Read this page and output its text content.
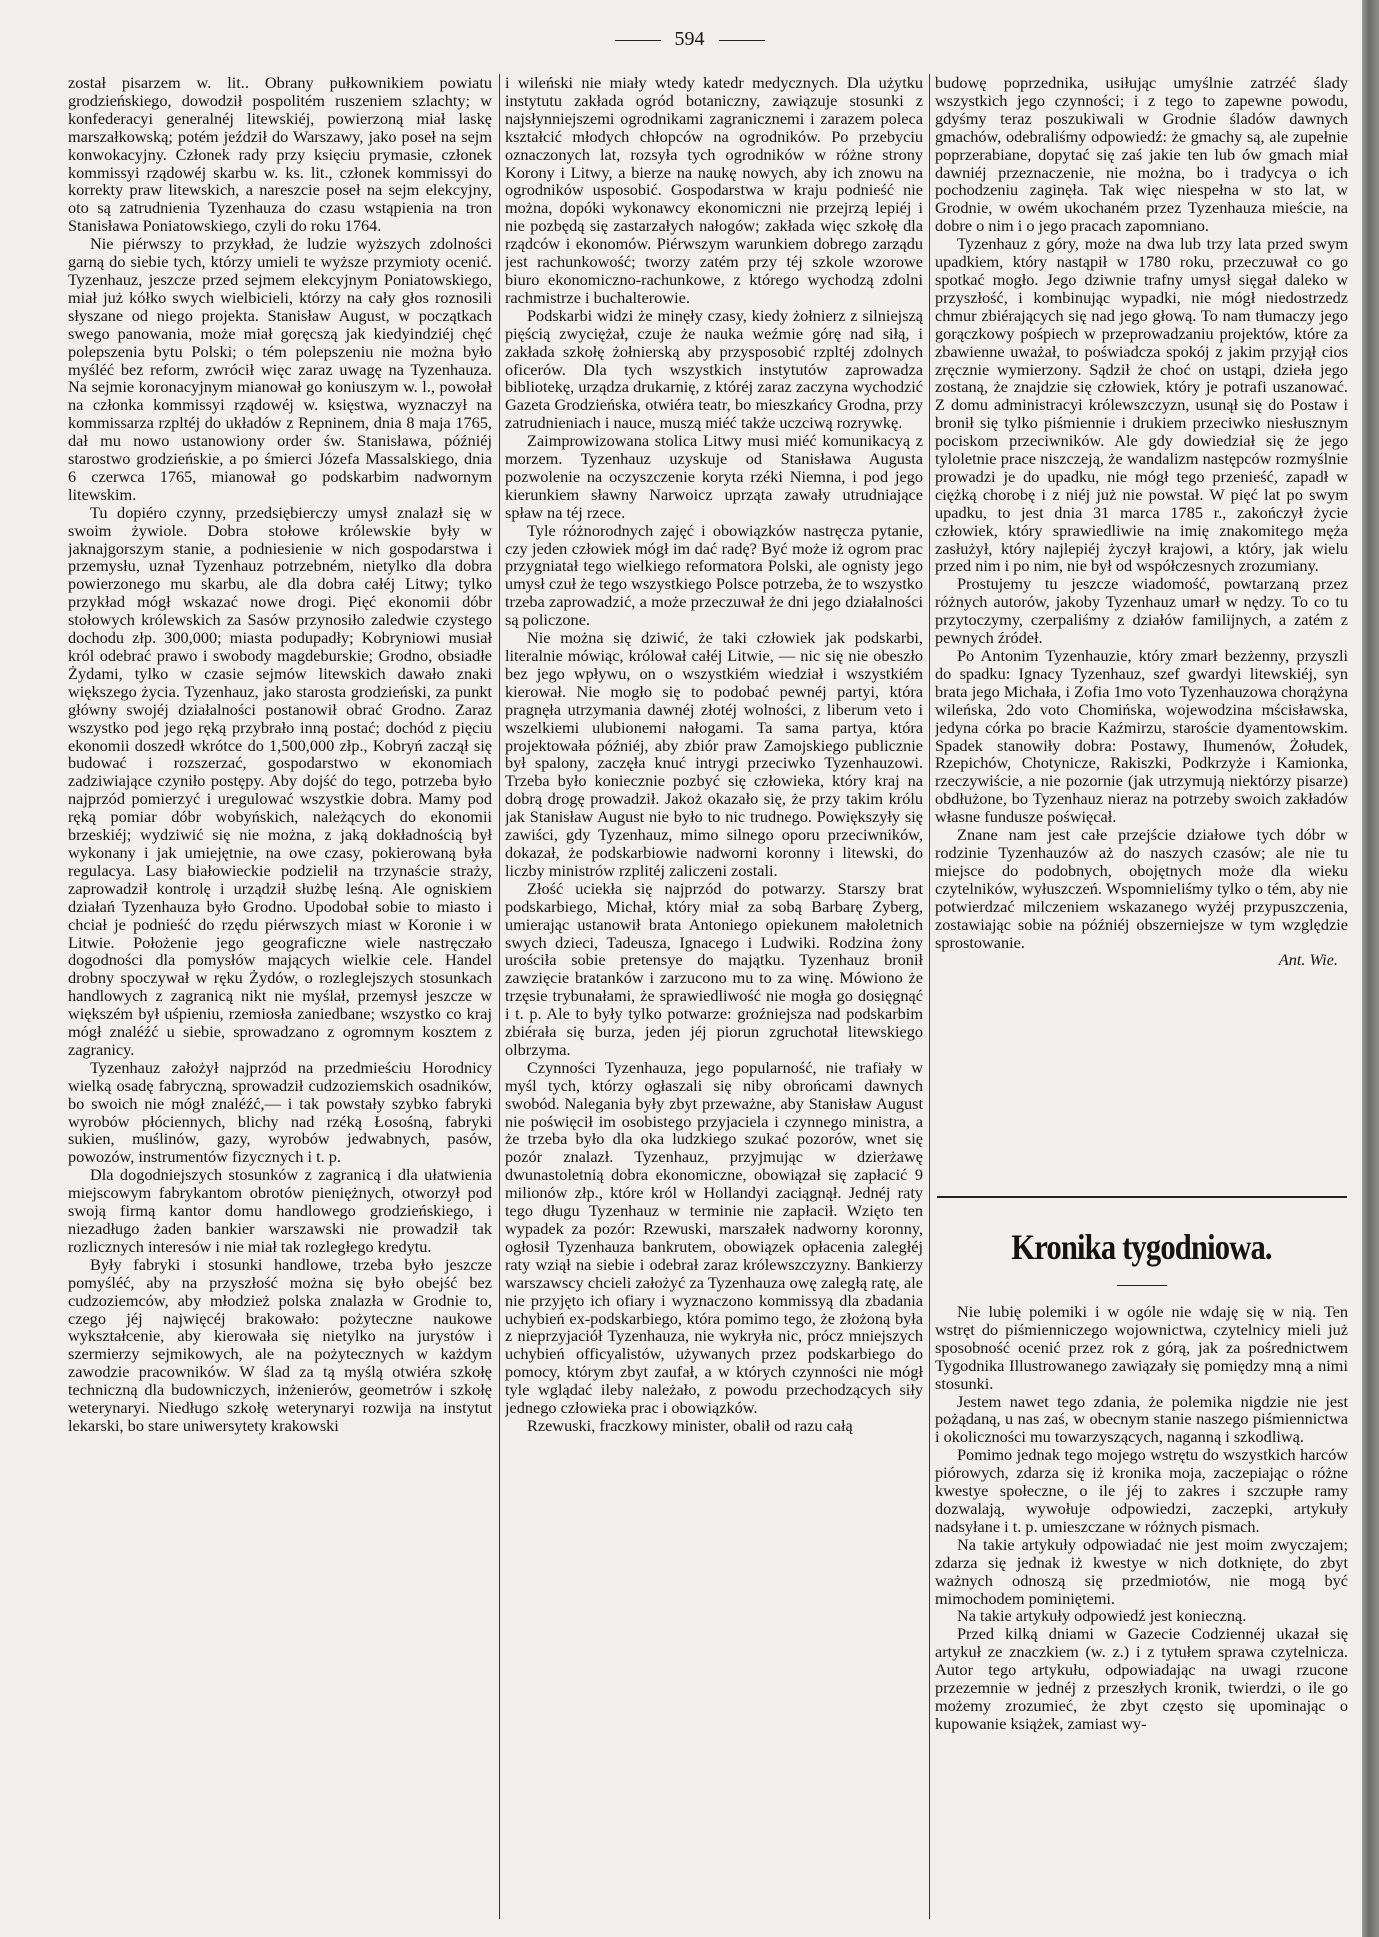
594

został pisarzem w. lit.. Obrany pułkownikiem powiatu grodzieńskiego, dowodził pospolitém ruszeniem szlachty; w konfederacyi generalnéj litewskiéj, powierzoną miał laskę marszałkowską; potém jeździł do Warszawy, jako poseł na sejm konwokacyjny. Członek rady przy księciu prymasie, członek kommissyi rządowéj skarbu w. ks. lit., członek kommissyi do korrekty praw litewskich, a nareszcie poseł na sejm elekcyjny, oto są zatrudnienia Tyzenhauza do czasu wstąpienia na tron Stanisława Poniatowskiego, czyli do roku 1764.

Nie piérwszy to przykład, że ludzie wyższych zdolności garną do siebie tych, którzy umieli te wyższe przymioty ocenić. Tyzenhauz, jeszcze przed sejmem elekcyjnym Poniatowskiego, miał już kółko swych wielbicieli, którzy na cały głos roznosili słyszane od niego projekta. Stanisław August, w początkach swego panowania, może miał goręcszą jak kiedyindziéj chęć polepszenia bytu Polski; o tém polepszeniu nie można było myśléć bez reform, zwrócił więc zaraz uwagę na Tyzenhauza. Na sejmie koronacyjnym mianował go koniuszym w. l., powołał na członka kommissyi rządowéj w. księstwa, wyznaczył na kommissarza rzpltéj do układów z Repninem, dnia 8 maja 1765, dał mu nowo ustanowiony order św. Stanisława, późniéj starostwo grodzieńskie, a po śmierci Józefa Massalskiego, dnia 6 czerwca 1765, mianował go podskarbim nadwornym litewskim.

Tu dopiéro czynny, przedsiębierczy umysł znalazł się w swoim żywiole. Dobra stołowe królewskie były w jaknajgorszym stanie, a podniesienie w nich gospodarstwa i przemysłu, uznał Tyzenhauz potrzebném, nietylko dla dobra powierzonego mu skarbu, ale dla dobra całéj Litwy; tylko przykład mógł wskazać nowe drogi. Pięć ekonomii dóbr stołowych królewskich za Sasów przynosiło zaledwie czystego dochodu złp. 300,000; miasta podupadły; Kobryniowi musiał król odebrać prawo i swobody magdeburskie; Grodno, obsiadłe Żydami, tylko w czasie sejmów litewskich dawało znaki większego życia. Tyzenhauz, jako starosta grodzieński, za punkt główny swojéj działalności postanowił obrać Grodno. Zaraz wszystko pod jego ręką przybrało inną postać; dochód z pięciu ekonomii doszedł wkrótce do 1,500,000 złp., Kobryń zaczął się budować i rozszerzać, gospodarstwo w ekonomiach zadziwiające czyniło postępy. Aby dojść do tego, potrzeba było najprzód pomierzyć i uregulować wszystkie dobra. Mamy pod ręką pomiar dóbr wobyńskich, należących do ekonomii brzeskiéj; wydziwić się nie można, z jaką dokładnością był wykonany i jak umiejętnie, na owe czasy, pokierowaną była regulacya. Lasy białowieckie podzielił na trzynaście straży, zaprowadził kontrolę i urządził służbę leśną. Ale ogniskiem działań Tyzenhauza było Grodno. Upodobał sobie to miasto i chciał je podnieść do rzędu piérwszych miast w Koronie i w Litwie. Położenie jego geograficzne wiele nastręczało dogodności dla pomysłów mających wielkie cele. Handel drobny spoczywał w ręku Żydów, o rozleglejszych stosunkach handlowych z zagranicą nikt nie myślał, przemysł jeszcze w większém był uśpieniu, rzemiosła zaniedbane; wszystko co kraj mógł znaléźć u siebie, sprowadzano z ogromnym kosztem z zagranicy.

Tyzenhauz założył najprzód na przedmieściu Horodnicy wielką osadę fabryczną, sprowadził cudzoziemskich osadników, bo swoich nie mógł znaléźć,— i tak powstały szybko fabryki wyrobów płóciennych, blichy nad rzéką Łosośną, fabryki sukien, muślinów, gazy, wyrobów jedwabnych, pasów, powozów, instrumentów fizycznych i t. p.

Dla dogodniejszych stosunków z zagranicą i dla ułatwienia miejscowym fabrykantom obrotów pieniężnych, otworzył pod swoją firmą kantor domu handlowego grodzieńskiego, i niezadługo żaden bankier warszawski nie prowadził tak rozlicznych interesów i nie miał tak rozległego kredytu.

Były fabryki i stosunki handlowe, trzeba było jeszcze pomyśléć, aby na przyszłość można się było obejść bez cudzoziemców, aby młodzież polska znalazła w Grodnie to, czego jéj najwięcéj brakowało: pożyteczne naukowe wykształcenie, aby kierowała się nietylko na jurystów i szermierzy sejmikowych, ale na pożytecznych w każdym zawodzie pracowników. W ślad za tą myślą otwiéra szkołę techniczną dla budowniczych, inżenierów, geometrów i szkołę weterynaryi. Niedługo szkołę weterynaryi rozwija na instytut lekarski, bo stare uniwersytety krakowski

i wileński nie miały wtedy katedr medycznych. Dla użytku instytutu zakłada ogród botaniczny, zawiązuje stosunki z najsłynniejszemi ogrodnikami zagranicznemi i zarazem poleca kształcić młodych chłopców na ogrodników. Po przebyciu oznaczonych lat, rozsyła tych ogrodników w różne strony Korony i Litwy, a bierze na naukę nowych, aby ich znowu na ogrodników usposobić. Gospodarstwa w kraju podnieść nie można, dopóki wykonawcy ekonomiczni nie przejrzą lepiéj i nie pozbędą się zastarzałych nałogów; zakłada więc szkołę dla rządców i ekonomów. Piérwszym warunkiem dobrego zarządu jest rachunkowość; tworzy zatém przy téj szkole wzorowe biuro ekonomiczno-rachunkowe, z którego wychodzą zdolni rachmistrze i buchalterowie.

Podskarbi widzi że minęły czasy, kiedy żołnierz z silniejszą pięścią zwyciężał, czuje że nauka weźmie górę nad siłą, i zakłada szkołę żołnierską aby przysposobić rzpltéj zdolnych oficerów. Dla tych wszystkich instytutów zaprowadza bibliotekę, urządza drukarnię, z któréj zaraz zaczyna wychodzić Gazeta Grodzieńska, otwiéra teatr, bo mieszkańcy Grodna, przy zatrudnieniach i nauce, muszą miéć także uczciwą rozrywkę.

Zaimprowizowana stolica Litwy musi miéć komunikacyą z morzem. Tyzenhauz uzyskuje od Stanisława Augusta pozwolenie na oczyszczenie koryta rzéki Niemna, i pod jego kierunkiem sławny Narwoicz uprząta zawały utrudniające spław na téj rzece.

Tyle różnorodnych zajęć i obowiązków nastręcza pytanie, czy jeden człowiek mógł im dać radę? Być może iż ogrom prac przygniatał tego wielkiego reformatora Polski, ale ognisty jego umysł czuł że tego wszystkiego Polsce potrzeba, że to wszystko trzeba zaprowadzić, a może przeczuwał że dni jego działalności są policzone.

Nie można się dziwić, że taki człowiek jak podskarbi, literalnie mówiąc, królował całéj Litwie, — nic się nie obeszło bez jego wpływu, on o wszystkiém wiedział i wszystkiém kierował. Nie mogło się to podobać pewnéj partyi, która pragnęła utrzymania dawnéj złotéj wolności, z liberum veto i wszelkiemi ulubionemi nałogami. Ta sama partya, która projektowała późniéj, aby zbiór praw Zamojskiego publicznie był spalony, zaczęła knuć intrygi przeciwko Tyzenhauzowi. Trzeba było koniecznie pozbyć się człowieka, który kraj na dobrą drogę prowadził. Jakoż okazało się, że przy takim królu jak Stanisław August nie było to nic trudnego. Powiększyły się zawiści, gdy Tyzenhauz, mimo silnego oporu przeciwników, dokazał, że podskarbiowie nadworni koronny i litewski, do liczby ministrów rzplitéj zaliczeni zostali.

Złość uciekła się najprzód do potwarzy. Starszy brat podskarbiego, Michał, który miał za sobą Barbarę Zyberg, umierając ustanowił brata Antoniego opiekunem małoletnich swych dzieci, Tadeusza, Ignacego i Ludwiki. Rodzina żony urościła sobie pretensye do majątku. Tyzenhauz bronił zawzięcie bratanków i zarzucono mu to za winę. Mówiono że trzęsie trybunałami, że sprawiedliwość nie mogła go dosięgnąć i t. p. Ale to były tylko potwarze: groźniejsza nad podskarbim zbiérała się burza, jeden jéj piorun zgruchotał litewskiego olbrzyma.

Czynności Tyzenhauza, jego popularność, nie trafiały w myśl tych, którzy ogłaszali się niby obrońcami dawnych swobód. Nalegania były zbyt przeważne, aby Stanisław August nie poświęcił im osobistego przyjaciela i czynnego ministra, a że trzeba było dla oka ludzkiego szukać pozorów, wnet się pozór znalazł. Tyzenhauz, przyjmując w dzierżawę dwunastoletnią dobra ekonomiczne, obowiązał się zapłacić 9 milionów złp., które król w Hollandyi zaciągnął. Jednéj raty tego długu Tyzenhauz w terminie nie zapłacił. Wzięto ten wypadek za pozór: Rzewuski, marszałek nadworny koronny, ogłosił Tyzenhauza bankrutem, obowiązek opłacenia zaległéj raty wziął na siebie i odebrał zaraz królewszczyzny. Bankierzy warszawscy chcieli założyć za Tyzenhauza owę zaległą ratę, ale nie przyjęto ich ofiary i wyznaczono kommissyą dla zbadania uchybień ex-podskarbiego, która pomimo tego, że złożoną była z nieprzyjaciół Tyzenhauza, nie wykryła nic, prócz mniejszych uchybień officyalistów, używanych przez podskarbiego do pomocy, którym zbyt zaufał, a w których czynności nie mógł tyle wglądać ileby należało, z powodu przechodzących siły jednego człowieka prac i obowiązków.

Rzewuski, fraczkowy minister, obalił od razu całą

budowę poprzednika, usiłując umyślnie zatrzéć ślady wszystkich jego czynności; i z tego to zapewne powodu, gdyśmy teraz poszukiwali w Grodnie śladów dawnych gmachów, odebraliśmy odpowiedź: że gmachy są, ale zupełnie poprzerabiane, dopytać się zaś jakie ten lub ów gmach miał dawniéj przeznaczenie, nie można, bo i tradycya o ich pochodzeniu zaginęła. Tak więc niespełna w sto lat, w Grodnie, w owém ukochaném przez Tyzenhauza mieście, na dobre o nim i o jego pracach zapomniano.

Tyzenhauz z góry, może na dwa lub trzy lata przed swym upadkiem, który nastąpił w 1780 roku, przeczuwał co go spotkać mogło. Jego dziwnie trafny umysł sięgał daleko w przyszłość, i kombinując wypadki, nie mógł niedostrzedz chmur zbiérających się nad jego głową. To nam tłumaczy jego gorączkowy pośpiech w przeprowadzaniu projektów, które za zbawienne uważał, to poświadcza spokój z jakim przyjął cios zręcznie wymierzony. Sądził że choć on ustąpi, dzieła jego zostaną, że znajdzie się człowiek, który je potrafi uszanować. Z domu administracyi królewszczyzn, usunął się do Postaw i bronił się tylko piśmiennie i drukiem przeciwko niesłusznym pociskom przeciwników. Ale gdy dowiedział się że jego tyloletnie prace niszczeją, że wandalizm następców rozmyślnie prowadzi je do upadku, nie mógł tego przenieść, zapadł w ciężką chorobę i z niéj już nie powstał. W pięć lat po swym upadku, to jest dnia 31 marca 1785 r., zakończył życie człowiek, który sprawiedliwie na imię znakomitego męża zasłużył, który najlepiéj życzył krajowi, a który, jak wielu przed nim i po nim, nie był od współczesnych zrozumiany.

Prostujemy tu jeszcze wiadomość, powtarzaną przez różnych autorów, jakoby Tyzenhauz umarł w nędzy. To co tu przytoczymy, czerpaliśmy z działów familijnych, a zatém z pewnych źródeł.

Po Antonim Tyzenhauzie, który zmarł bezżenny, przyszli do spadku: Ignacy Tyzenhauz, szef gwardyi litewskiéj, syn brata jego Michała, i Zofia 1mo voto Tyzenhauzowa chorążyna wileńska, 2do voto Chomińska, wojewodzina mścisławska, jedyna córka po bracie Kaźmirzu, staroście dyamentowskim. Spadek stanowiły dobra: Postawy, Ihumenów, Żołudek, Rzepichów, Chotynicze, Rakiszki, Podkrzyże i Kamionka, rzeczywiście, a nie pozornie (jak utrzymują niektórzy pisarze) obdłużone, bo Tyzenhauz nieraz na potrzeby swoich zakładów własne fundusze poświęcał.

Znane nam jest całe przejście działowe tych dóbr w rodzinie Tyzenhauzów aż do naszych czasów; ale nie tu miejsce do podobnych, obojętnych może dla wieku czytelników, wyłuszczeń. Wspomnieliśmy tylko o tém, aby nie potwierdzać milczeniem wskazanego wyżéj przypuszczenia, zostawiając sobie na późniéj obszerniejsze w tym względzie sprostowanie.

Ant. Wie.
Kronika tygodniowa.

Nie lubię polemiki i w ogóle nie wdaję się w nią. Ten wstręt do piśmienniczego wojownictwa, czytelnicy mieli już sposobność ocenić przez rok z górą, jak za pośrednictwem Tygodnika Illustrowanego zawiązały się pomiędzy mną a nimi stosunki.

Jestem nawet tego zdania, że polemika nigdzie nie jest pożądaną, u nas zaś, w obecnym stanie naszego piśmiennictwa i okoliczności mu towarzyszących, naganną i szkodliwą.

Pomimo jednak tego mojego wstrętu do wszystkich harców piórowych, zdarza się iż kronika moja, zaczepiając o różne kwestye społeczne, o ile jéj to zakres i szczupłe ramy dozwalają, wywołuje odpowiedzi, zaczepki, artykuły nadsyłane i t. p. umieszczane w różnych pismach.

Na takie artykuły odpowiadać nie jest moim zwyczajem; zdarza się jednak iż kwestye w nich dotknięte, do zbyt ważnych odnoszą się przedmiotów, nie mogą być mimochodem pominiętemi.

Na takie artykuły odpowiedź jest konieczną.

Przed kilką dniami w Gazecie Codziennéj ukazał się artykuł ze znaczkiem (w. z.) i z tytułem sprawa czytelnicza. Autor tego artykułu, odpowiadając na uwagi rzucone przezemnie w jednéj z przeszłych kronik, twierdzi, o ile go możemy zrozumieć, że zbyt często się upominając o kupowanie książek, zamiast wy-
